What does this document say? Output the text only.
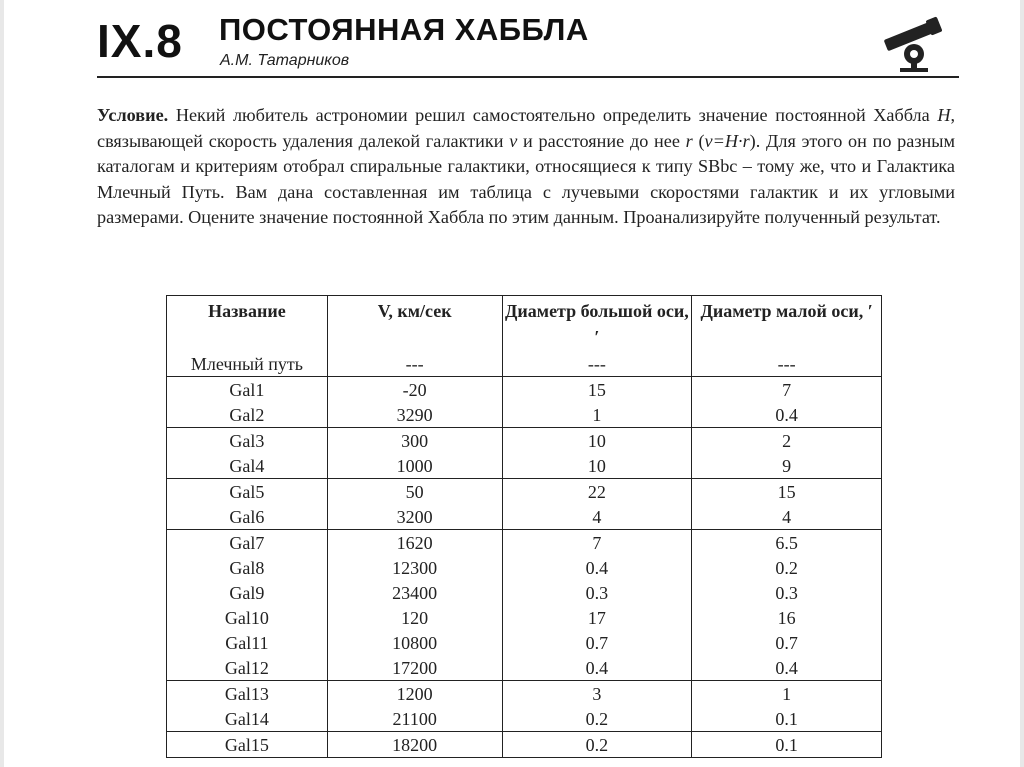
IX.8 ПОСТОЯННАЯ ХАББЛА
А.М. Татарников
Условие. Некий любитель астрономии решил самостоятельно определить значение постоянной Хаббла H, связывающей скорость удаления далекой галактики v и расстояние до нее r (v=H·r). Для этого он по разным каталогам и критериям отобрал спиральные галактики, относящиеся к типу SBbc – тому же, что и Галактика Млечный Путь. Вам дана составленная им таблица с лучевыми скоростями галактик и их угловыми размерами. Оцените значение постоянной Хаббла по этим данным. Проанализируйте полученный результат.
Название	V, км/сек	Диаметр большой оси, ′	Диаметр малой оси, ′
Млечный путь	---	---	---
Gal1	-20	15	7
Gal2	3290	1	0.4
Gal3	300	10	2
Gal4	1000	10	9
Gal5	50	22	15
Gal6	3200	4	4
Gal7	1620	7	6.5
Gal8	12300	0.4	0.2
Gal9	23400	0.3	0.3
Gal10	120	17	16
Gal11	10800	0.7	0.7
Gal12	17200	0.4	0.4
Gal13	1200	3	1
Gal14	21100	0.2	0.1
Gal15	18200	0.2	0.1
